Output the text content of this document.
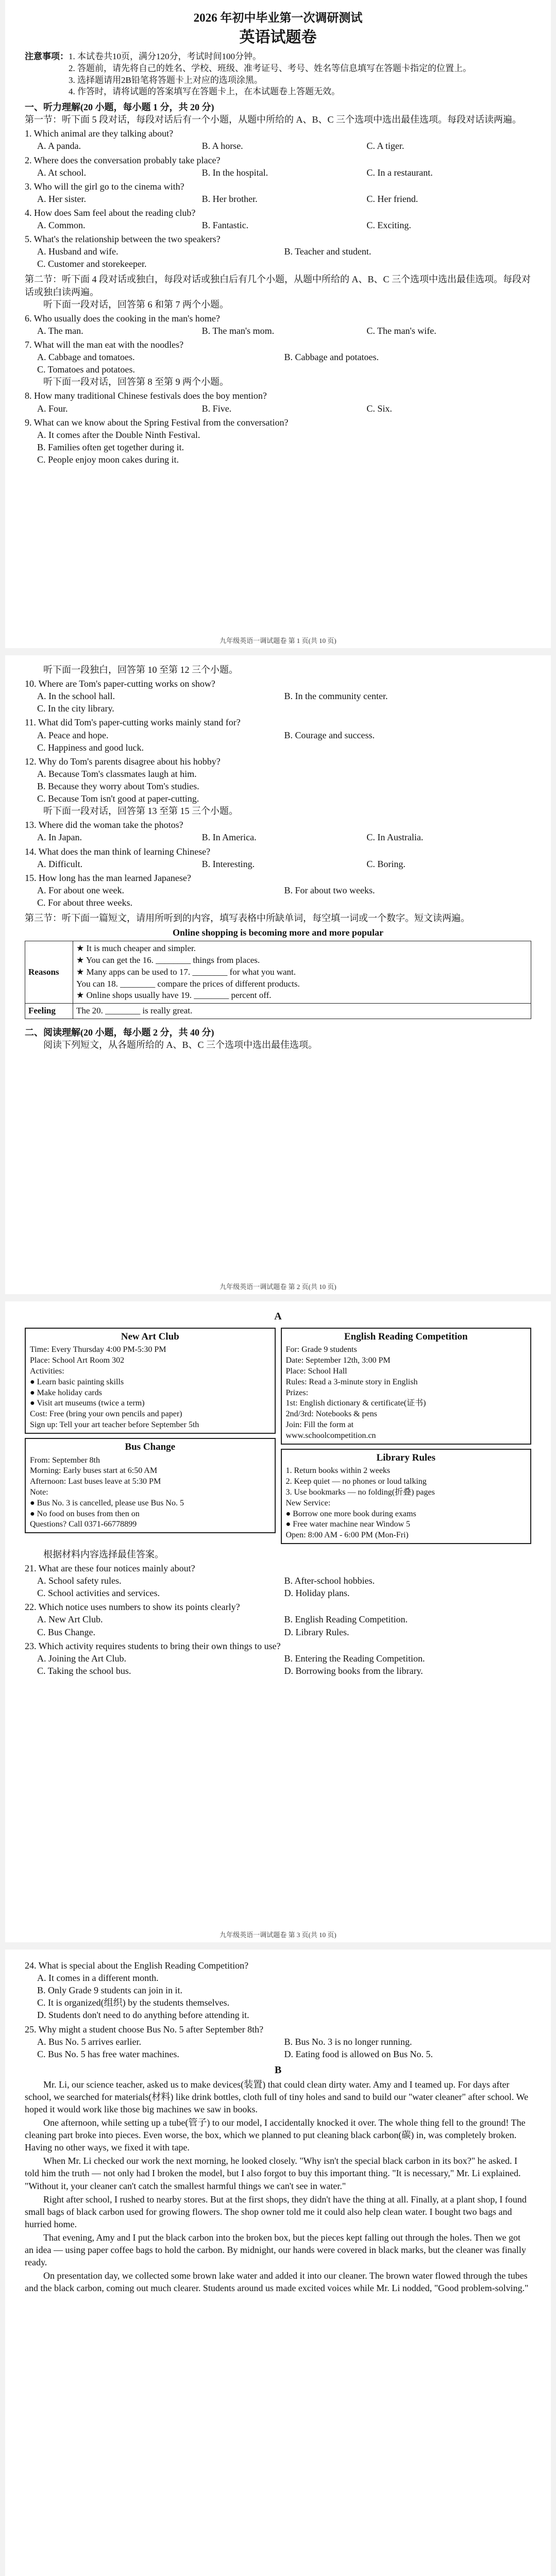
2026 年初中毕业第一次调研测试
英语试题卷

注意事项：1. 本试卷共10页，满分120分，考试时间100分钟。

2. 答题前，请先将自己的姓名、学校、班级、准考证号、考号、姓名等信息填写在答题卡指定的位置上。

3. 选择题请用2B铅笔将答题卡上对应的选项涂黑。

4. 作答时，请将试题的答案填写在答题卡上，在本试题卷上答题无效。

一、听力理解(20 小题，每小题 1 分，共 20 分)

第一节：听下面 5 段对话，每段对话后有一个小题，从题中所给的 A、B、C 三个选项中选出最佳选项。每段对话读两遍。

1. Which animal are they talking about?

A. A panda.	B. A horse.	C. A tiger.

2. Where does the conversation probably take place?

A. At school.	B. In the hospital.	C. In a restaurant.

3. Who will the girl go to the cinema with?

A. Her sister.	B. Her brother.	C. Her friend.

4. How does Sam feel about the reading club?

A. Common.	B. Fantastic.	C. Exciting.

5. What's the relationship between the two speakers?

A. Husband and wife.	B. Teacher and student.
C. Customer and storekeeper.

第二节：听下面 4 段对话或独白，每段对话或独白后有几个小题，从题中所给的 A、B、C 三个选项中选出最佳选项。每段对话或独白读两遍。

听下面一段对话，回答第 6 和第 7 两个小题。

6. Who usually does the cooking in the man's home?

A. The man.	B. The man's mom.	C. The man's wife.

7. What will the man eat with the noodles?

A. Cabbage and tomatoes.	B. Cabbage and potatoes.
C. Tomatoes and potatoes.

听下面一段对话，回答第 8 至第 9 两个小题。

8. How many traditional Chinese festivals does the boy mention?

A. Four.	B. Five.	C. Six.

9. What can we know about the Spring Festival from the conversation?

A. It comes after the Double Ninth Festival.
B. Families often get together during it.
C. People enjoy moon cakes during it.
九年级英语一调试题卷 第 1 页(共 10 页)

听下面一段独白，回答第 10 至第 12 三个小题。

10. Where are Tom's paper-cutting works on show?

A. In the school hall.	B. In the community center.
C. In the city library.

11. What did Tom's paper-cutting works mainly stand for?

A. Peace and hope.	B. Courage and success.
C. Happiness and good luck.

12. Why do Tom's parents disagree about his hobby?

A. Because Tom's classmates laugh at him.
B. Because they worry about Tom's studies.
C. Because Tom isn't good at paper-cutting.

听下面一段对话，回答第 13 至第 15 三个小题。

13. Where did the woman take the photos?

A. In Japan.	B. In America.	C. In Australia.

14. What does the man think of learning Chinese?

A. Difficult.	B. Interesting.	C. Boring.

15. How long has the man learned Japanese?

A. For about one week.	B. For about two weeks.
C. For about three weeks.

第三节：听下面一篇短文，请用所听到的内容，填写表格中所缺单词，每空填一词或一个数字。短文读两遍。

Online shopping is becoming more and more popular
Reasons	★ It is much cheaper and simpler.

★ You can get the 16. ________ things from places.

★ Many apps can be used to 17. ________ for what you want.

You can 18. ________ compare the prices of different products.

★ Online shops usually have 19. ________ percent off.

Feeling	The 20. ________ is really great.

二、阅读理解(20 小题，每小题 2 分，共 40 分)

阅读下列短文，从各题所给的 A、B、C 三个选项中选出最佳选项。

九年级英语一调试题卷 第 2 页(共 10 页)
A
New Art Club

Time: Every Thursday 4:00 PM-5:30 PM

Place: School Art Room 302

Activities:

● Learn basic painting skills

● Make holiday cards

● Visit art museums (twice a term)

Cost: Free (bring your own pencils and paper)

Sign up: Tell your art teacher before September 5th

Bus Change

From: September 8th

Morning: Early buses start at 6:50 AM

Afternoon: Last buses leave at 5:30 PM

Note:

● Bus No. 3 is cancelled, please use Bus No. 5

● No food on buses from then on

Questions? Call 0371-66778899

English Reading Competition

For: Grade 9 students

Date: September 12th, 3:00 PM

Place: School Hall

Rules: Read a 3-minute story in English

Prizes:

1st: English dictionary & certificate(证书)

2nd/3rd: Notebooks & pens

Join: Fill the form at

www.schoolcompetition.cn

Library Rules

1. Return books within 2 weeks

2. Keep quiet — no phones or loud talking

3. Use bookmarks — no folding(折叠) pages

New Service:

● Borrow one more book during exams

● Free water machine near Window 5

Open: 8:00 AM - 6:00 PM (Mon-Fri)

根据材料内容选择最佳答案。

21. What are these four notices mainly about?

A. School safety rules.	B. After-school hobbies.
C. School activities and services.	D. Holiday plans.

22. Which notice uses numbers to show its points clearly?

A. New Art Club.	B. English Reading Competition.
C. Bus Change.	D. Library Rules.

23. Which activity requires students to bring their own things to use?

A. Joining the Art Club.	B. Entering the Reading Competition.
C. Taking the school bus.	D. Borrowing books from the library.
九年级英语一调试题卷 第 3 页(共 10 页)

24. What is special about the English Reading Competition?

A. It comes in a different month.
B. Only Grade 9 students can join in it.
C. It is organized(组织) by the students themselves.
D. Students don't need to do anything before attending it.

25. Why might a student choose Bus No. 5 after September 8th?

A. Bus No. 5 arrives earlier.	B. Bus No. 3 is no longer running.
C. Bus No. 5 has free water machines.	D. Eating food is allowed on Bus No. 5.
B

Mr. Li, our science teacher, asked us to make devices(装置) that could clean dirty water. Amy and I teamed up. For days after school, we searched for materials(材料) like drink bottles, cloth full of tiny holes and sand to build our "water cleaner" after school. We hoped it would work like those big machines we saw in books.

One afternoon, while setting up a tube(管子) to our model, I accidentally knocked it over. The whole thing fell to the ground! The cleaning part broke into pieces. Even worse, the box, which we planned to put cleaning black carbon(碳) in, was completely broken. Having no other ways, we fixed it with tape.

When Mr. Li checked our work the next morning, he looked closely. "Why isn't the special black carbon in its box?" he asked. I told him the truth — not only had I broken the model, but I also forgot to buy this important thing. "It is necessary," Mr. Li explained. "Without it, your cleaner can't catch the smallest harmful things we can't see in water."

Right after school, I rushed to nearby stores. But at the first shops, they didn't have the thing at all. Finally, at a plant shop, I found small bags of black carbon used for growing flowers. The shop owner told me it could also help clean water. I bought two bags and hurried home.

That evening, Amy and I put the black carbon into the broken box, but the pieces kept falling out through the holes. Then we got an idea — using paper coffee bags to hold the carbon. By midnight, our hands were covered in black marks, but the cleaner was finally ready.

On presentation day, we collected some brown lake water and added it into our cleaner. The brown water flowed through the tubes and the black carbon, coming out much clearer. Students around us made excited voices while Mr. Li nodded, "Good problem-solving."
